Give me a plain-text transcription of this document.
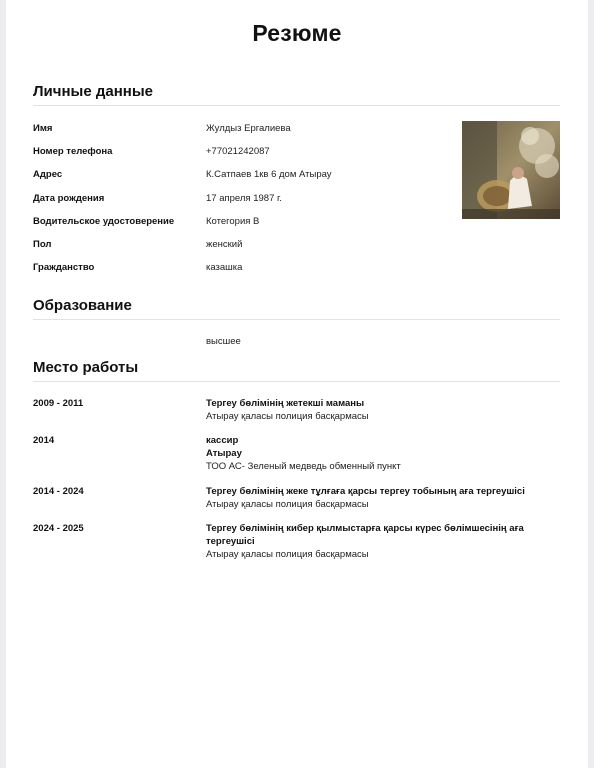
Резюме
Личные данные
Имя	Жулдыз Ергалиева
Номер телефона	+77021242087
Адрес	К.Сатпаев 1кв 6 дом Атырау
Дата рождения	17 апреля 1987 г.
Водительское удостоверение	Котегория B
Пол	женский
Гражданство	казашка
Образование
высшее
Место работы
2009 - 2011	Тергеу бөлімінің жетекші маманы
Атырау қаласы полиция басқармасы
2014	кассир
Атырау
ТОО АС- Зеленый медведь обменный пункт
2014 - 2024	Тергеу бөлімінің жеке тұлғаға қарсы тергеу тобының аға тергеушісі
Атырау қаласы полиция басқармасы
2024 - 2025	Тергеу бөлімінің кибер қылмыстарға қарсы күрес бөлімшесінің аға тергеушісі
Атырау қаласы полиция басқармасы
